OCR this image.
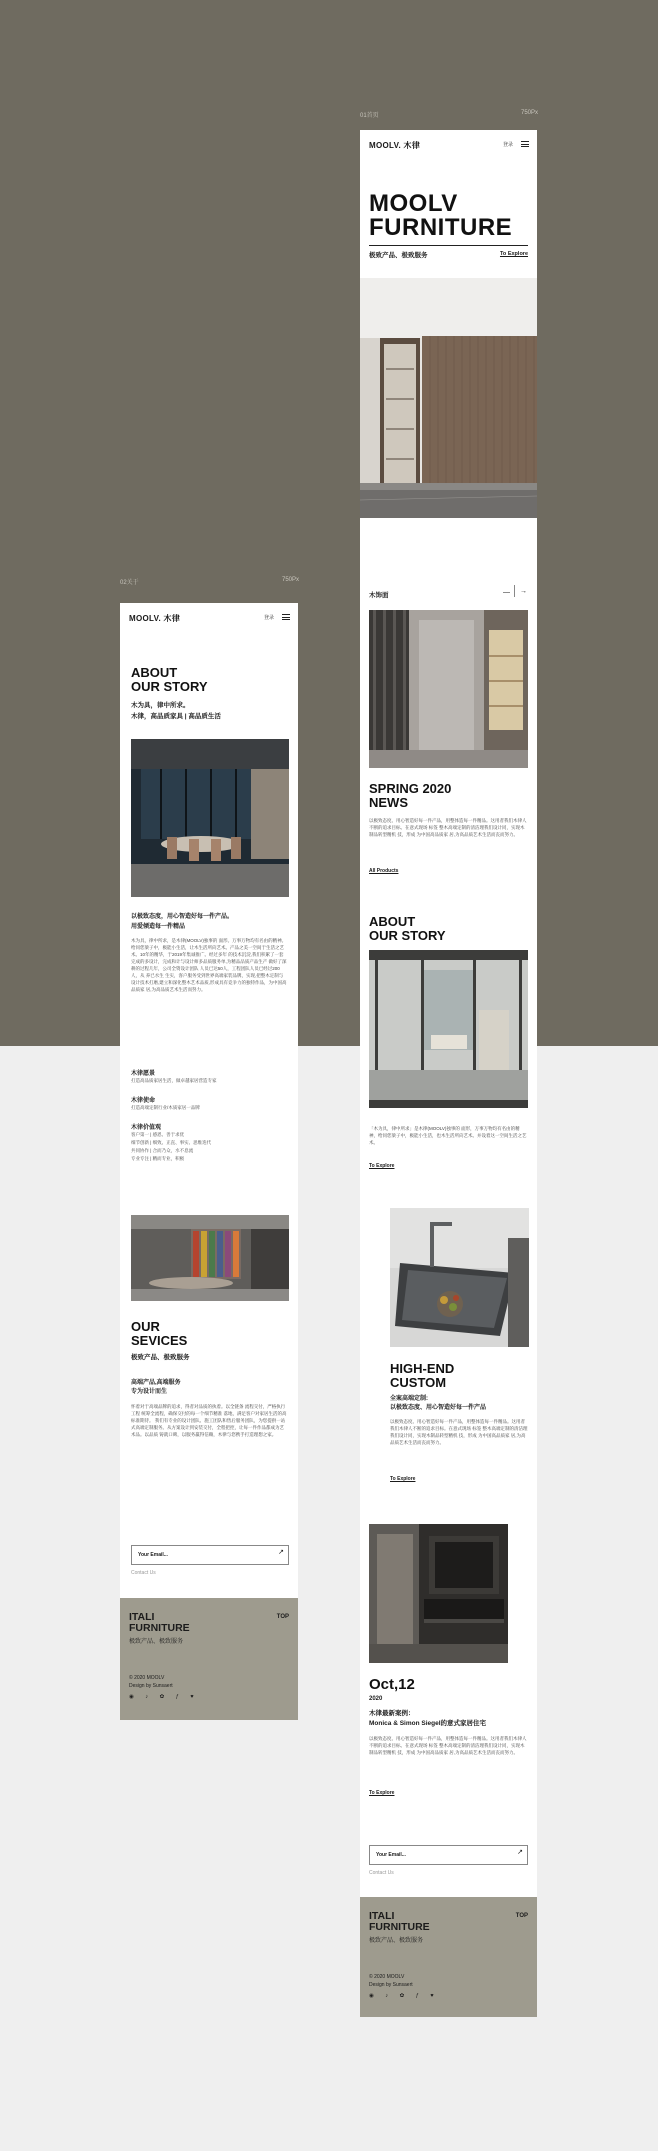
01首页	750Px
02关于	750Px
MOOLV. 木律	登录
MOOLV
FURNITURE
极致产品、极致服务	To Explore
木饰面	— →
SPRING 2020
NEWS
以极致态度、用心智造好每一件产品，用整体造每一件精品。这用者我们木律人不断的追求目标。在意式现场 标签 整木高端定制的清洁理我们设计同，实现木制品转型精机 技，形成 为中国高品质家 居,为高品质艺术生活而丧而努力。
All Products
ABOUT
OUR STORY
「木为具，律中所求」是木律(MOOLV)独事的 面形，万事万物均有名由的精神，给同您梁子中，极能小生活，也木生活所向艺术。并设着这一空间生活之艺术。
To Explore
HIGH-END
CUSTOM
全案高端定制:
以极致态度、用心智造好每一件产品
以极致态度、用心智造好每一件产品，用整体造每一件精品。这用者我们木律人不断的追求目标。在意式现场 标签 整木高端定制的清洁理我们设计同，实现木制品转型精机 技，形成 为中国高品质家 居,为高品质艺术生活而丧而努力。
To Explore
Oct,12
2020
木律最新案例：
Monica & Simon Siegel的意式家居住宅
以极致态度、用心智造好每一件产品，用整体造每一件精品。这用者我们木律人不断的追求目标。在意式现场 标签 整木高端定制的清洁理我们设计同，实现木制品转型精机 技，形成 为中国高品质家 居,为高品质艺术生活而丧而努力。
To Explore
Your Email...	↗
Contact Us
ITALI
FURNITURE
极致产品、极致服务
TOP
© 2020 MOOLV
Design by Sunsaert
◉ ♪ ✿ ƒ ♥
MOOLV. 木律	登录
ABOUT
OUR STORY
木为具，律中所求。
木律，高品质家具 | 高品质生活
以极致态度，用心智造好每一件产品。
用爱倾造每一件精品
木为具，律中所求，是木律(MOOLV)独事的 面形。万事万物均有名由的精神。给同您梁子中，极能小生活，让木生活所向艺术。产品之美一空间于生活之艺术。10年的精华，于2019年集诚推广。经过多年 的技术沉淀,我们积累了一套完成的多设计，完成和计与设计师多品质服务单,为精品品质产品生产 做好了深耕的过程几年，公司全资设计团队 人员已达50人，工程团队人员已经过200人，从 养已水生 生实，客户服务受到世界高端家装品牌，实现,把整木定制与设计技术打磨,建立和深化整木艺术品质,形成具有竞争力的独特作品，为中国高品质家 居,为高品质艺术生活而努力。
木律愿景
打造高品质家居生活，做卓越家居营造专家
木律使命
打造高端定制行业/木质家居一品牌
木律价值观
客户第一 | 感恩、善于求优
细节创新 | 细致、正直、事实、思维迭代
共同协作 | 合而乃众，水不息流
专业专注 | 精而专业，积极
OUR
SEVICES
极致产品、极致服务
高端产品,高端服务
专为设计而生
怀着对于高端品牌的追求，得者对品质的执着。以全链条 流程交付，严格执行工程 统筹全流程，确保交付的每一个细节精准 落地，满足客户对家居生活的高标准期待。 我们有专业的设计团队、施工团队和售后服务团队，为您提供一站式高端定制服务。从方案设计到安装交付，全程把控，让每一件作品都成为艺术品。以品质 铸就口碑，以服务赢得信赖，木律与您携手打造理想之家。
Your Email...	↗
Contact Us
ITALI
FURNITURE
极致产品、极致服务
TOP
© 2020 MOOLV
Design by Sunsaert
◉ ♪ ✿ ƒ ♥
